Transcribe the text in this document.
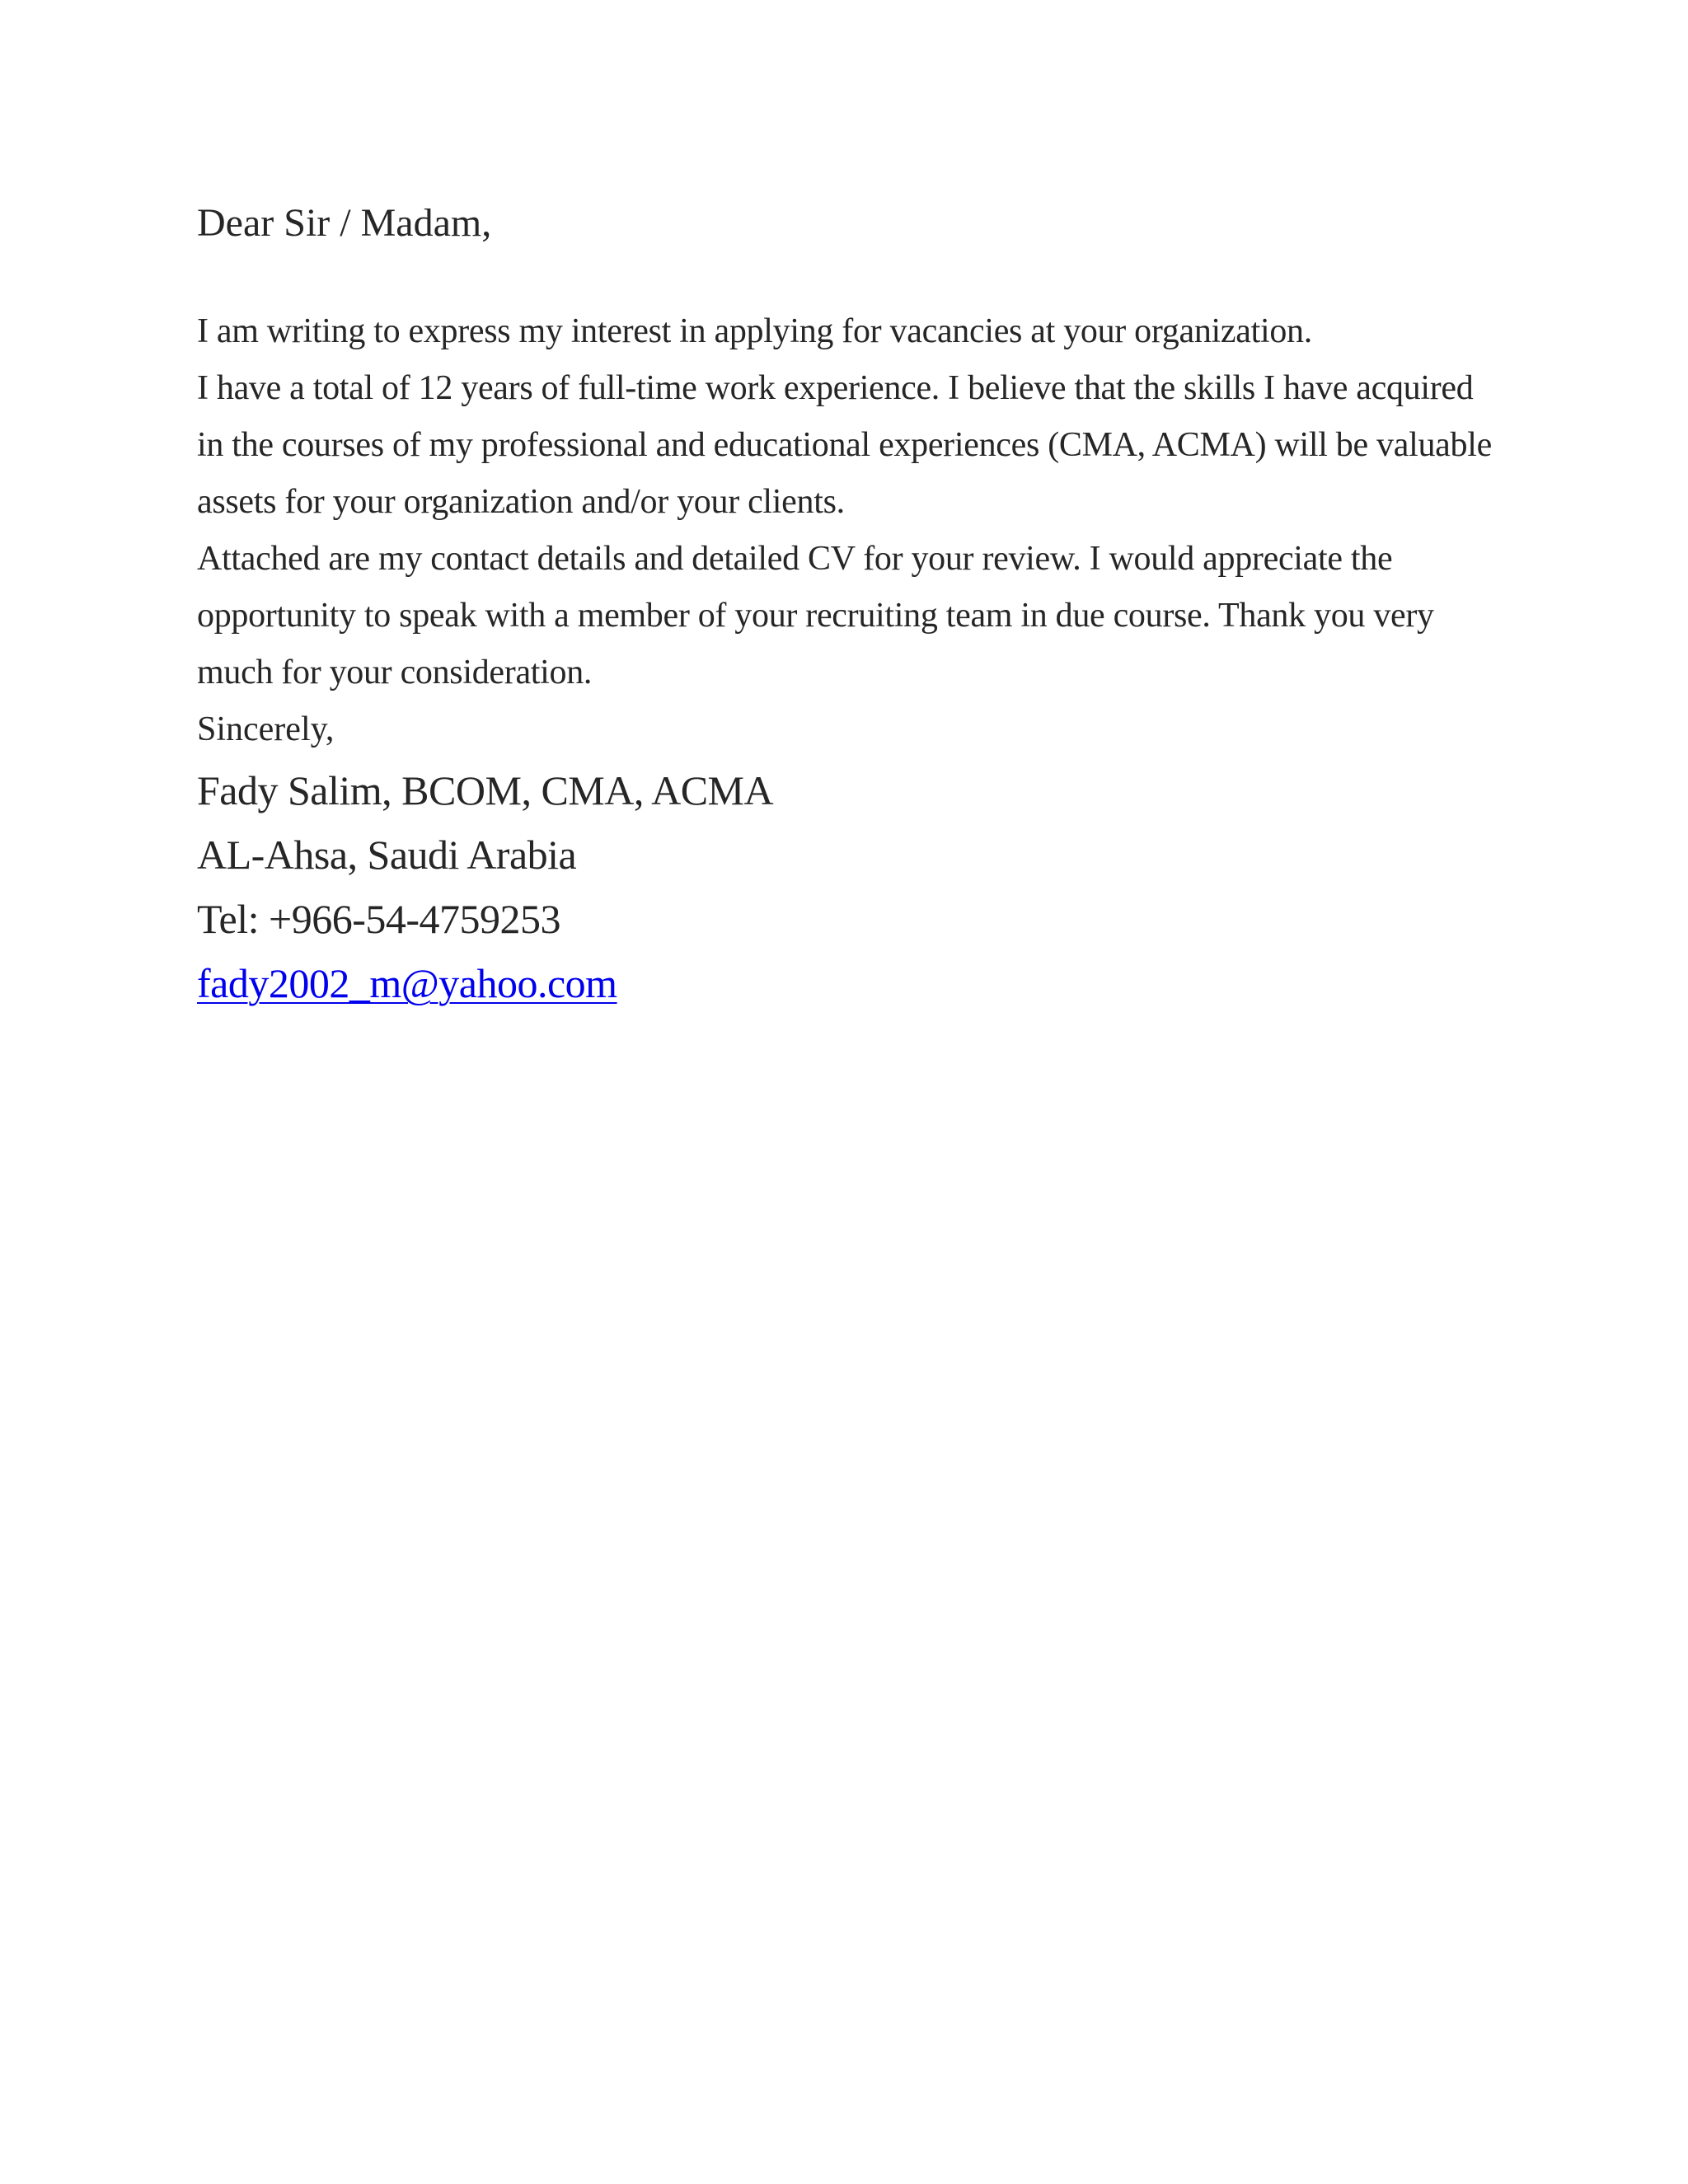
Dear Sir / Madam,

I am writing to express my interest in applying for vacancies at your organization.

I have a total of 12 years of full-time work experience. I believe that the skills I have acquired in the courses of my professional and educational experiences (CMA, ACMA) will be valuable assets for your organization and/or your clients.

Attached are my contact details and detailed CV for your review. I would appreciate the opportunity to speak with a member of your recruiting team in due course. Thank you very much for your consideration.

Sincerely,

Fady Salim, BCOM, CMA, ACMA

AL-Ahsa, Saudi Arabia

Tel: +966-54-4759253

fady2002_m@yahoo.com
